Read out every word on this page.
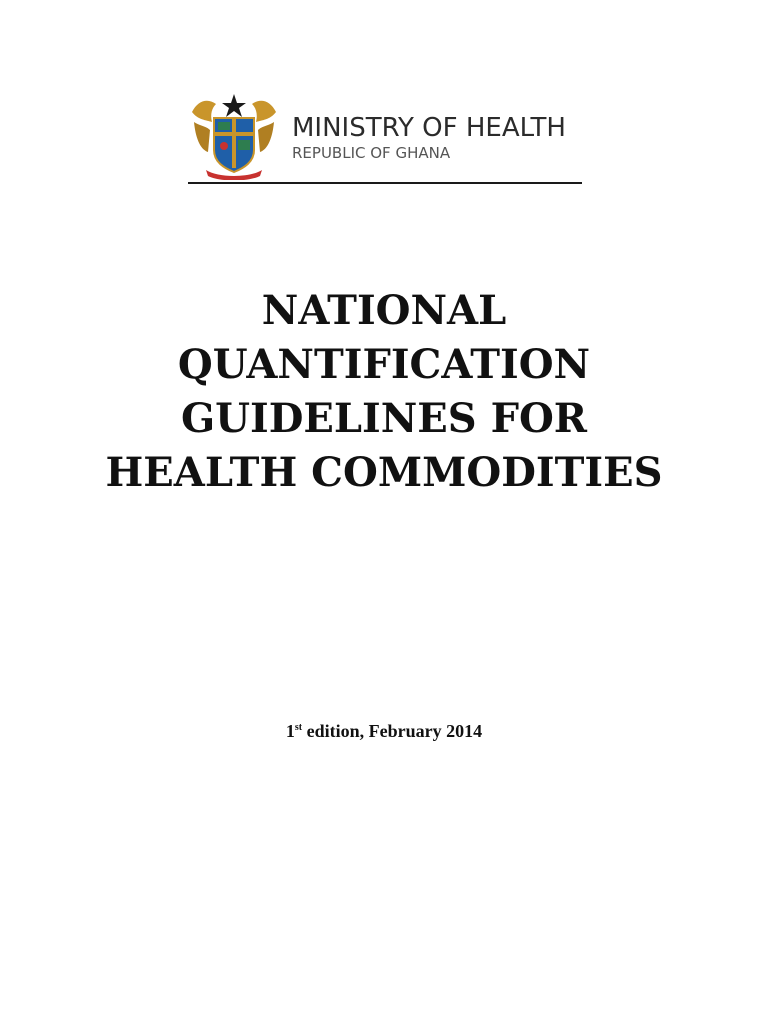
MINISTRY OF HEALTH
REPUBLIC OF GHANA
NATIONAL
QUANTIFICATION
GUIDELINES FOR
HEALTH COMMODITIES
1st edition, February 2014
